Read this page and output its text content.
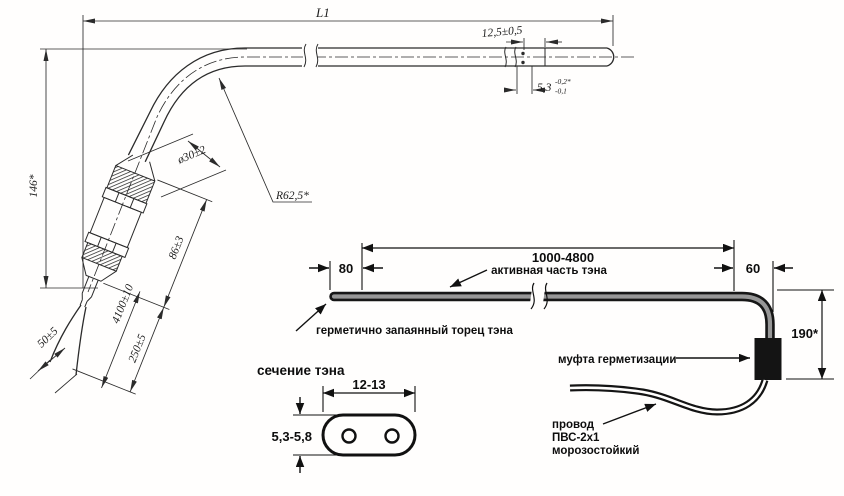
L1
146*
12,5±0,5
5,3
-0,2*
-0,1
R62,5*
ø30±2
86±3
250±5
4100±10
50±5
80
1000-4800
активная часть тэна
герметично запаянный торец тэна
60
190*
муфта герметизации
провод
ПВС-2х1
морозостойкий
сечение тэна
12-13
5,3-5,8
